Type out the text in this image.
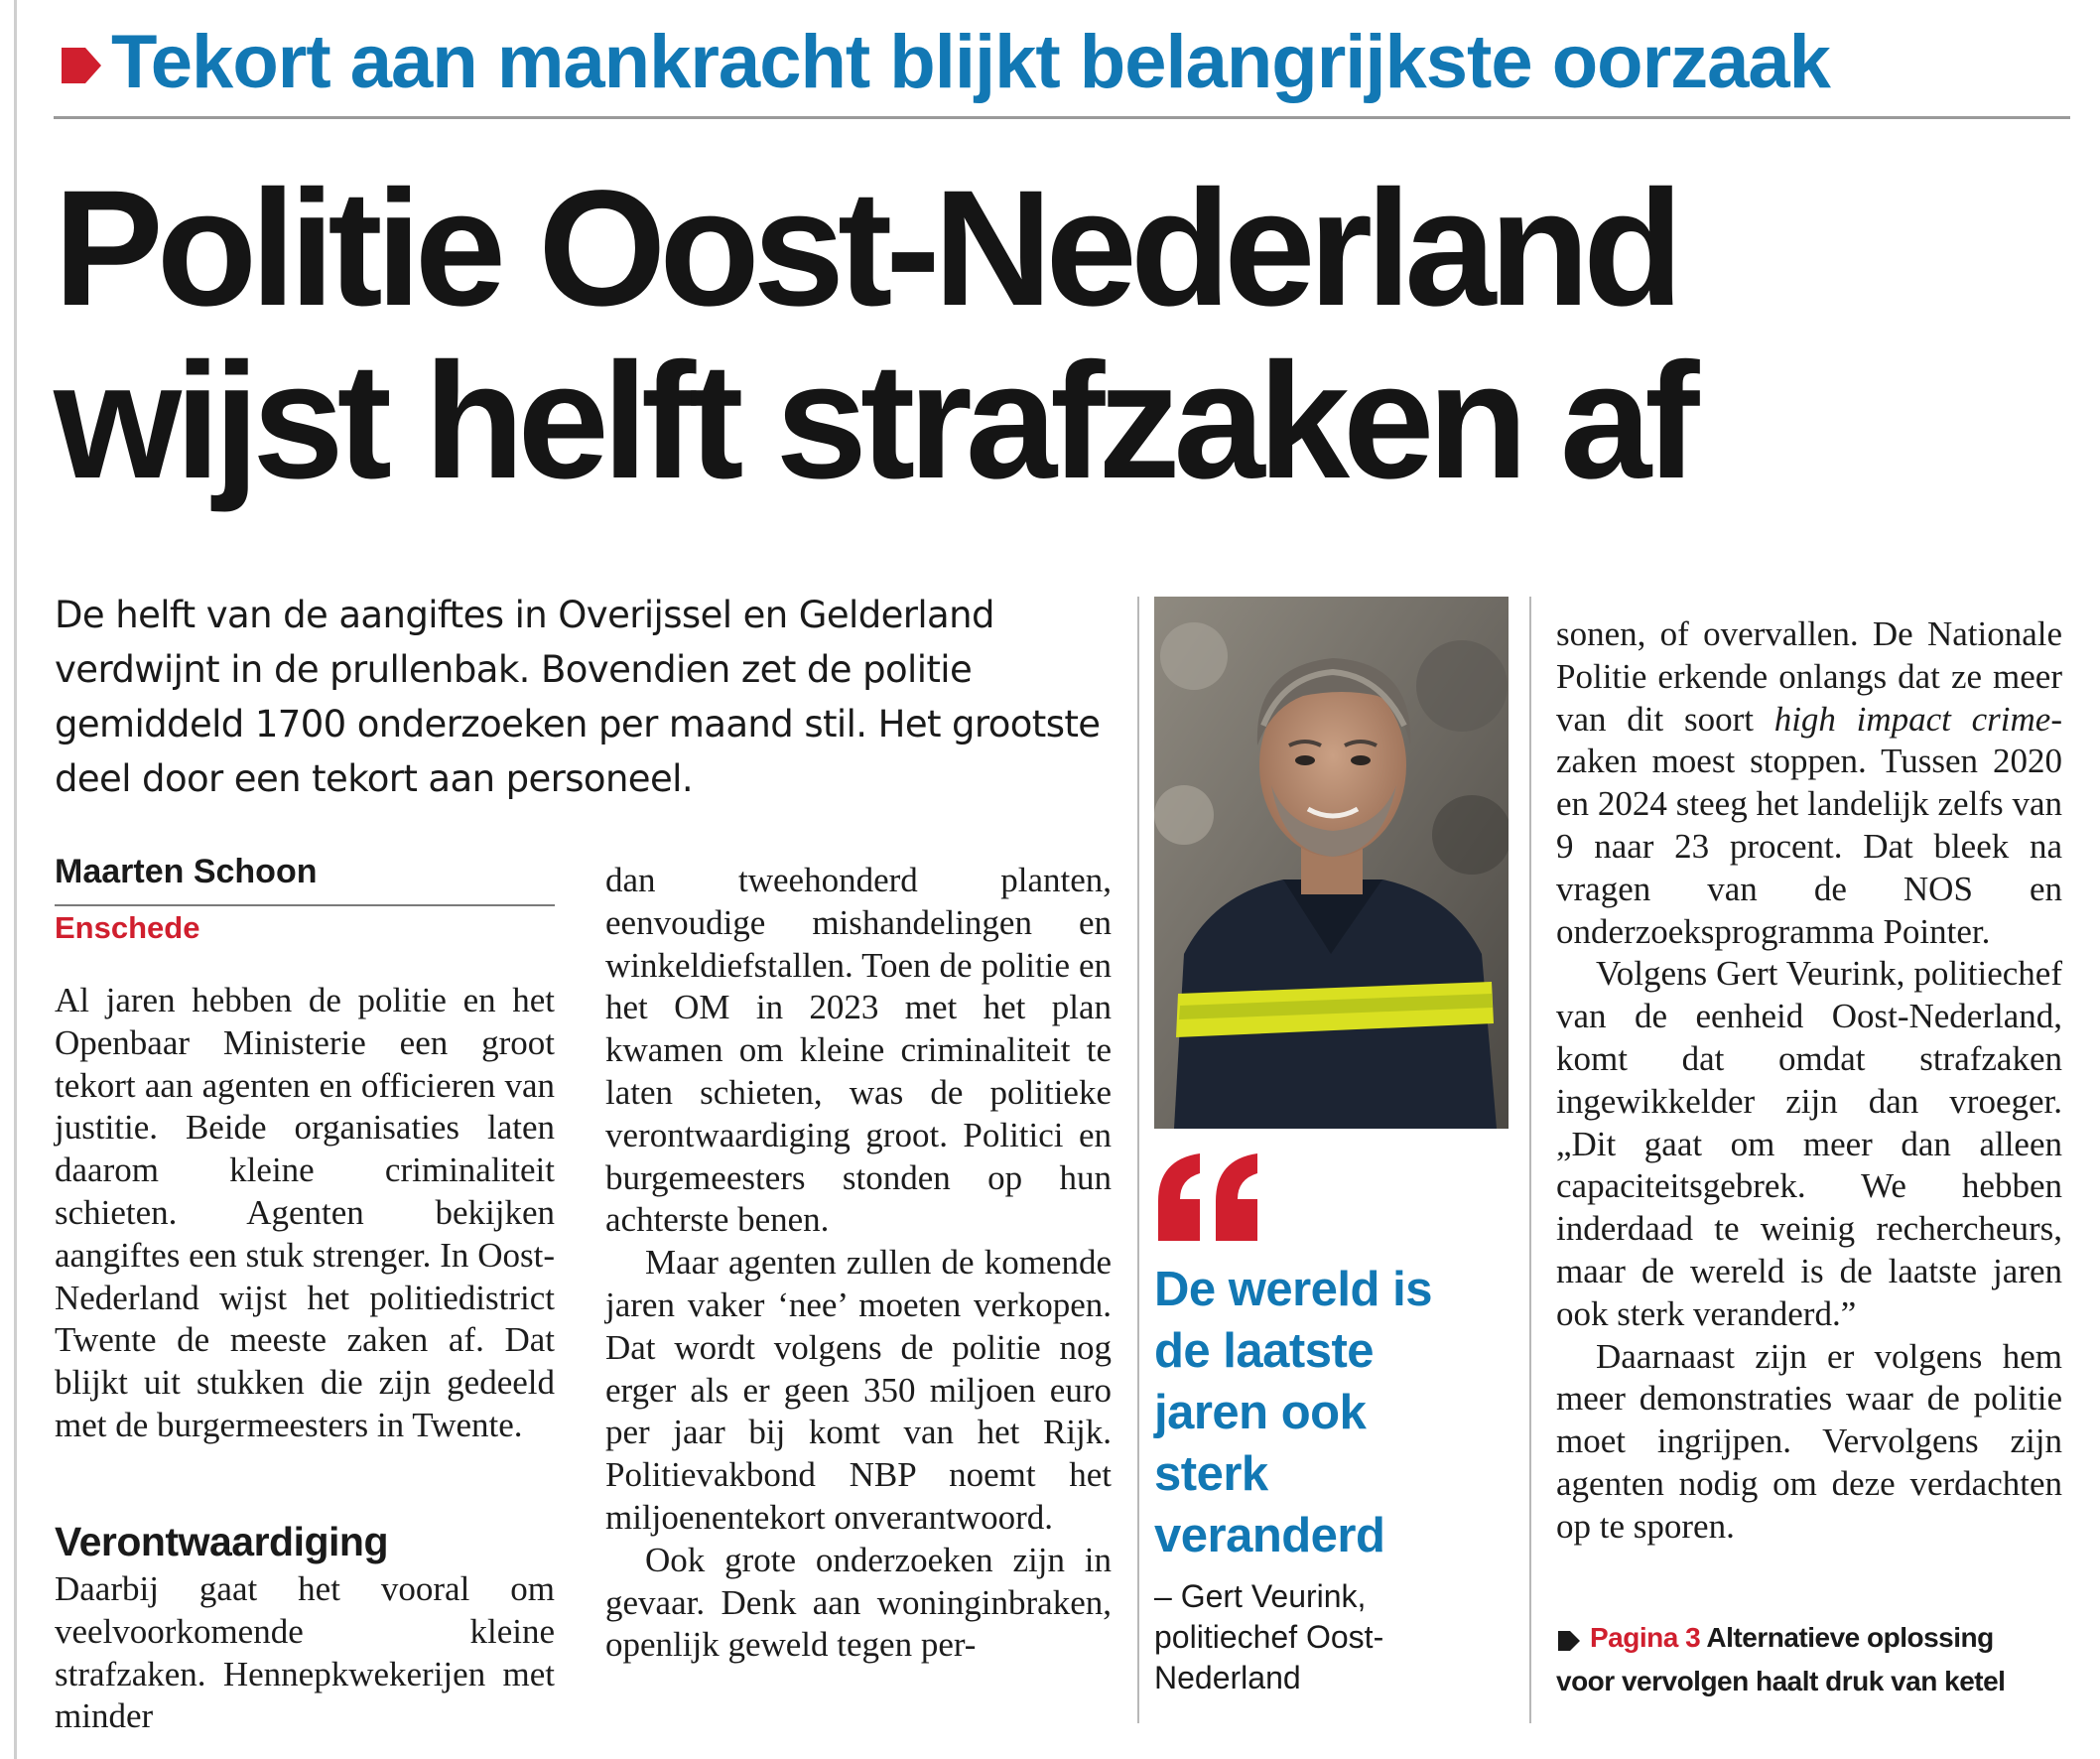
Tekort aan mankracht blijkt belangrijkste oorzaak
Politie Oost-Nederland
wijst helft strafzaken af
De helft van de aangiftes in Overijssel en Gelderland verdwijnt in de prullenbak. Bovendien zet de politie gemiddeld 1700 onderzoeken per maand stil. Het grootste deel door een tekort aan personeel.
Maarten Schoon
Enschede

Al jaren hebben de politie en het Openbaar Ministerie een groot tekort aan agenten en officieren van justitie. Beide organisaties laten daarom kleine criminaliteit schieten. Agenten bekijken aangiftes een stuk strenger. In Oost-Nederland wijst het politiedistrict Twente de meeste zaken af. Dat blijkt uit stukken die zijn gedeeld met de burgermeesters in Twente.

Verontwaardiging

Daarbij gaat het vooral om veelvoorkomende kleine strafzaken. Hennepkwekerijen met minder

dan tweehonderd planten, eenvoudige mishandelingen en winkeldiefstallen. Toen de politie en het OM in 2023 met het plan kwamen om kleine criminaliteit te laten schieten, was de politieke verontwaardiging groot. Politici en burgemeesters stonden op hun achterste benen.

Maar agenten zullen de komende jaren vaker ‘nee’ moeten verkopen. Dat wordt volgens de politie nog erger als er geen 350 miljoen euro per jaar bij komt van het Rijk. Politievakbond NBP noemt het miljoenentekort onverantwoord.

Ook grote onderzoeken zijn in gevaar. Denk aan woninginbraken, openlijk geweld tegen per-

De wereld is
de laatste
jaren ook
sterk
veranderd
– Gert Veurink,
politiechef Oost-
Nederland

sonen, of overvallen. De Nationale Politie erkende onlangs dat ze meer van dit soort high impact crime-zaken moest stoppen. Tussen 2020 en 2024 steeg het landelijk zelfs van 9 naar 23 procent. Dat bleek na vragen van de NOS en onderzoeksprogramma Pointer.

Volgens Gert Veurink, politiechef van de eenheid Oost-Nederland, komt dat omdat strafzaken ingewikkelder zijn dan vroeger. „Dit gaat om meer dan alleen capaciteitsgebrek. We hebben inderdaad te weinig rechercheurs, maar de wereld is de laatste jaren ook sterk veranderd.”

Daarnaast zijn er volgens hem meer demonstraties waar de politie moet ingrijpen. Vervolgens zijn agenten nodig om deze verdachten op te sporen.

Pagina 3 Alternatieve oplossing
voor vervolgen haalt druk van ketel
